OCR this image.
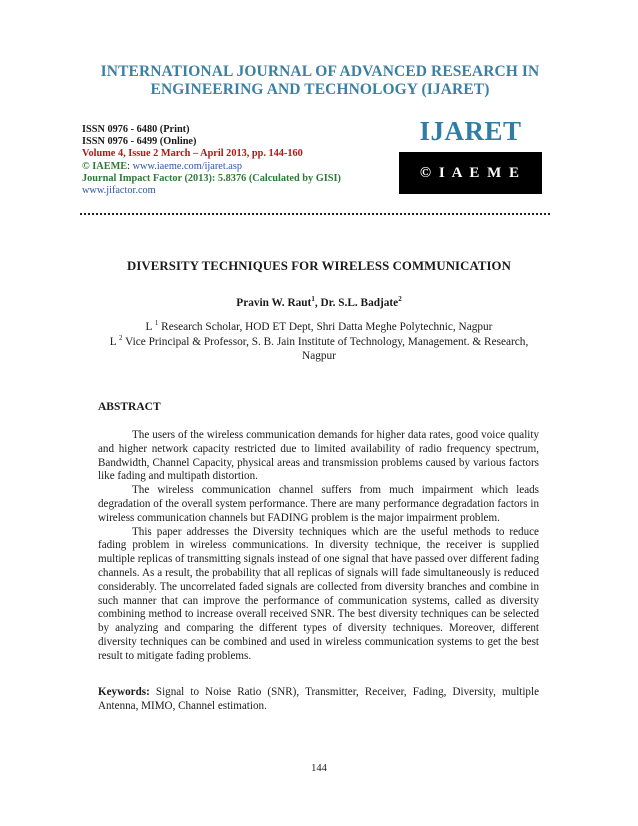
INTERNATIONAL JOURNAL OF ADVANCED RESEARCH IN
ENGINEERING AND TECHNOLOGY (IJARET)
ISSN 0976 - 6480 (Print)
ISSN 0976 - 6499 (Online)
Volume 4, Issue 2 March – April 2013, pp. 144-160
© IAEME: www.iaeme.com/ijaret.asp
Journal Impact Factor (2013): 5.8376 (Calculated by GISI)
www.jifactor.com
IJARET
© I A E M E
DIVERSITY TECHNIQUES FOR WIRELESS COMMUNICATION
Pravin W. Raut$^1$, Dr. S.L. Badjate$^2$
L $^1$ Research Scholar, HOD ET Dept, Shri Datta Meghe Polytechnic, Nagpur
L $^2$ Vice Principal & Professor, S. B. Jain Institute of Technology, Management. & Research,
Nagpur
ABSTRACT

The users of the wireless communication demands for higher data rates, good voice quality and higher network capacity restricted due to limited availability of radio frequency spectrum, Bandwidth, Channel Capacity, physical areas and transmission problems caused by various factors like fading and multipath distortion.

The wireless communication channel suffers from much impairment which leads degradation of the overall system performance. There are many performance degradation factors in wireless communication channels but FADING problem is the major impairment problem.

This paper addresses the Diversity techniques which are the useful methods to reduce fading problem in wireless communications. In diversity technique, the receiver is supplied multiple replicas of transmitting signals instead of one signal that have passed over different fading channels. As a result, the probability that all replicas of signals will fade simultaneously is reduced considerably. The uncorrelated faded signals are collected from diversity branches and combine in such manner that can improve the performance of communication systems, called as diversity combining method to increase overall received SNR. The best diversity techniques can be selected by analyzing and comparing the different types of diversity techniques. Moreover, different diversity techniques can be combined and used in wireless communication systems to get the best result to mitigate fading problems.

Keywords: Signal to Noise Ratio (SNR), Transmitter, Receiver, Fading, Diversity, multiple Antenna, MIMO, Channel estimation.
144
